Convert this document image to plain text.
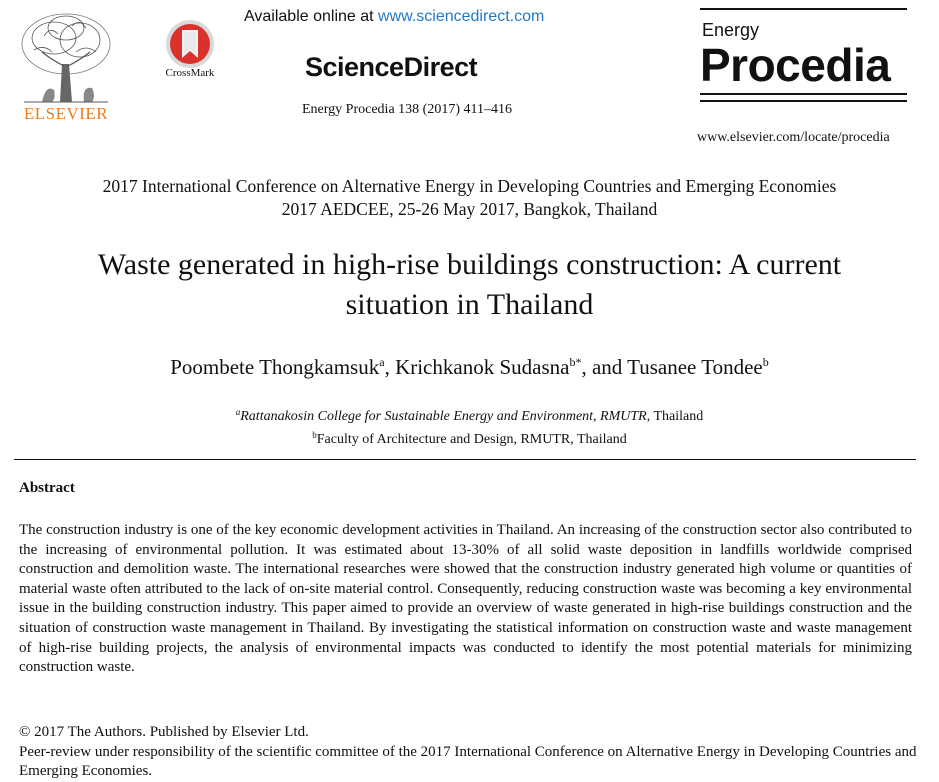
ELSEVIER
CrossMark
Available online at www.sciencedirect.com
ScienceDirect
Energy Procedia 138 (2017) 411–416
Energy
Procedia
www.elsevier.com/locate/procedia
2017 International Conference on Alternative Energy in Developing Countries and Emerging Economies
2017 AEDCEE, 25-26 May 2017, Bangkok, Thailand
Waste generated in high-rise buildings construction: A current
situation in Thailand
Poombete Thongkamsuk$^a$, Krichkanok Sudasna$^{b*}$, and Tusanee Tondee$^b$
$^a$Rattanakosin College for Sustainable Energy and Environment, RMUTR, Thailand
$^b$Faculty of Architecture and Design, RMUTR, Thailand
Abstract
The construction industry is one of the key economic development activities in Thailand. An increasing of the construction sector also contributed to the increasing of environmental pollution. It was estimated about 13-30% of all solid waste deposition in landfills worldwide comprised construction and demolition waste. The international researches were showed that the construction industry generated high volume or quantities of material waste often attributed to the lack of on-site material control. Consequently, reducing construction waste was becoming a key environmental issue in the building construction industry. This paper aimed to provide an overview of waste generated in high-rise buildings construction and the situation of construction waste management in Thailand. By investigating the statistical information on construction waste and waste management of high-rise building projects, the analysis of environmental impacts was conducted to identify the most potential materials for minimizing construction waste.
© 2017 The Authors. Published by Elsevier Ltd.
Peer-review under responsibility of the scientific committee of the 2017 International Conference on Alternative Energy in Developing Countries and Emerging Economies.
